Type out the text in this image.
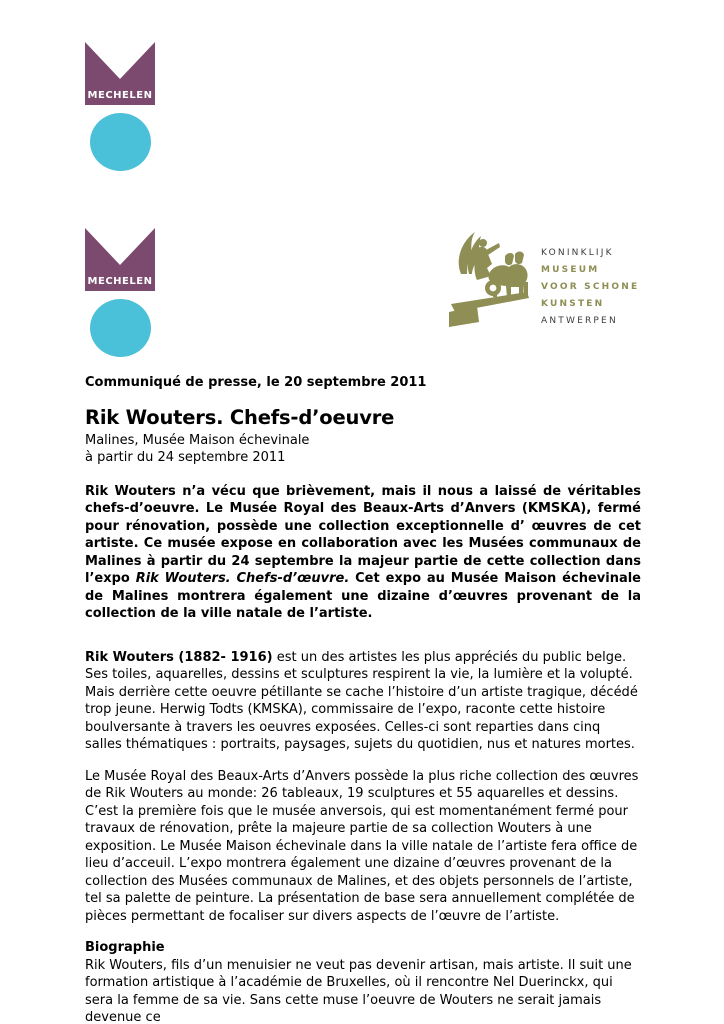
MECHELEN
MECHELEN
KONINKLIJK
MUSEUM
VOOR SCHONE
KUNSTEN
ANTWERPEN

Communiqué de presse, le 20 septembre 2011

Rik Wouters. Chefs-d’oeuvre

Malines, Musée Maison échevinale

à partir du 24 septembre 2011

Rik Wouters n’a vécu que brièvement, mais il nous a laissé de véritables chefs-d’oeuvre. Le Musée Royal des Beaux-Arts d’Anvers (KMSKA), fermé pour rénovation, possède une collection exceptionnelle d’ œuvres de cet artiste. Ce musée expose en collaboration avec les Musées communaux de Malines à partir du 24 septembre la majeur partie de cette collection dans l’expo Rik Wouters. Chefs-d’œuvre. Cet expo au Musée Maison échevinale de Malines montrera également une dizaine d’œuvres provenant de la collection de la ville natale de l’artiste.

Rik Wouters (1882- 1916) est un des artistes les plus appréciés du public belge. Ses toiles, aquarelles, dessins et sculptures respirent la vie, la lumière et la volupté. Mais derrière cette oeuvre pétillante se cache l’histoire d’un artiste tragique, décédé trop jeune. Herwig Todts (KMSKA), commissaire de l’expo, raconte cette histoire boulversante à travers les oeuvres exposées. Celles-ci sont reparties dans cinq salles thématiques : portraits, paysages, sujets du quotidien, nus et natures mortes.

Le Musée Royal des Beaux-Arts d’Anvers possède la plus riche collection des œuvres de Rik Wouters au monde: 26 tableaux, 19 sculptures et 55 aquarelles et dessins. C’est la première fois que le musée anversois, qui est momentanément fermé pour travaux de rénovation, prête la majeure partie de sa collection Wouters à une exposition. Le Musée Maison échevinale dans la ville natale de l’artiste fera office de lieu d’acceuil. L’expo montrera également une dizaine d’œuvres provenant de la collection des Musées communaux de Malines, et des objets personnels de l’artiste, tel sa palette de peinture. La présentation de base sera annuellement complétée de pièces permettant de focaliser sur divers aspects de l’œuvre de l’artiste.

Biographie

Rik Wouters, fils d’un menuisier ne veut pas devenir artisan, mais artiste. Il suit une formation artistique à l’académie de Bruxelles, où il rencontre Nel Duerinckx, qui sera la femme de sa vie. Sans cette muse l’oeuvre de Wouters ne serait jamais devenue ce
